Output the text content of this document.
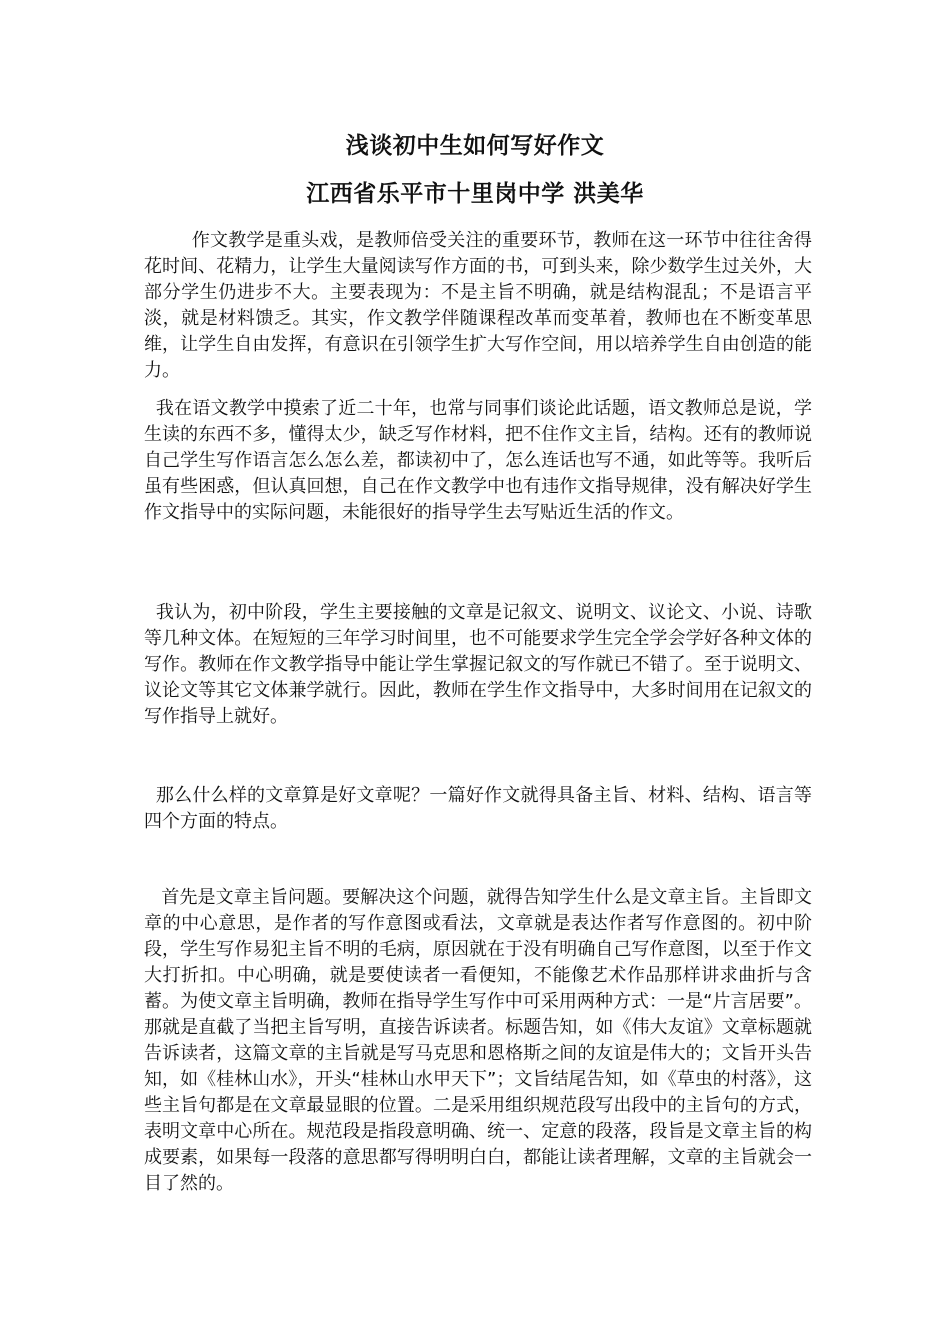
浅谈初中生如何写好作文
江西省乐平市十里岗中学 洪美华
作文教学是重头戏，是教师倍受关注的重要环节，教师在这一环节中往往舍得花时间、花精力，让学生大量阅读写作方面的书，可到头来，除少数学生过关外，大部分学生仍进步不大。主要表现为：不是主旨不明确，就是结构混乱；不是语言平淡，就是材料馈乏。其实，作文教学伴随课程改革而变革着，教师也在不断变革思维，让学生自由发挥，有意识在引领学生扩大写作空间，用以培养学生自由创造的能力。
我在语文教学中摸索了近二十年，也常与同事们谈论此话题，语文教师总是说，学生读的东西不多，懂得太少，缺乏写作材料，把不住作文主旨，结构。还有的教师说自己学生写作语言怎么怎么差，都读初中了，怎么连话也写不通，如此等等。我听后虽有些困惑，但认真回想，自己在作文教学中也有违作文指导规律，没有解决好学生作文指导中的实际问题，未能很好的指导学生去写贴近生活的作文。
我认为，初中阶段，学生主要接触的文章是记叙文、说明文、议论文、小说、诗歌等几种文体。在短短的三年学习时间里，也不可能要求学生完全学会学好各种文体的写作。教师在作文教学指导中能让学生掌握记叙文的写作就已不错了。至于说明文、议论文等其它文体兼学就行。因此，教师在学生作文指导中，大多时间用在记叙文的写作指导上就好。
那么什么样的文章算是好文章呢？一篇好作文就得具备主旨、材料、结构、语言等四个方面的特点。
首先是文章主旨问题。要解决这个问题，就得告知学生什么是文章主旨。主旨即文章的中心意思，是作者的写作意图或看法，文章就是表达作者写作意图的。初中阶段，学生写作易犯主旨不明的毛病，原因就在于没有明确自己写作意图，以至于作文大打折扣。中心明确，就是要使读者一看便知，不能像艺术作品那样讲求曲折与含蓄。为使文章主旨明确，教师在指导学生写作中可采用两种方式：一是“片言居要”。那就是直截了当把主旨写明，直接告诉读者。标题告知，如《伟大友谊》文章标题就告诉读者，这篇文章的主旨就是写马克思和恩格斯之间的友谊是伟大的；文旨开头告知，如《桂林山水》，开头“桂林山水甲天下”；文旨结尾告知，如《草虫的村落》，这些主旨句都是在文章最显眼的位置。二是采用组织规范段写出段中的主旨句的方式，表明文章中心所在。规范段是指段意明确、统一、定意的段落，段旨是文章主旨的构成要素，如果每一段落的意思都写得明明白白，都能让读者理解，文章的主旨就会一目了然的。
